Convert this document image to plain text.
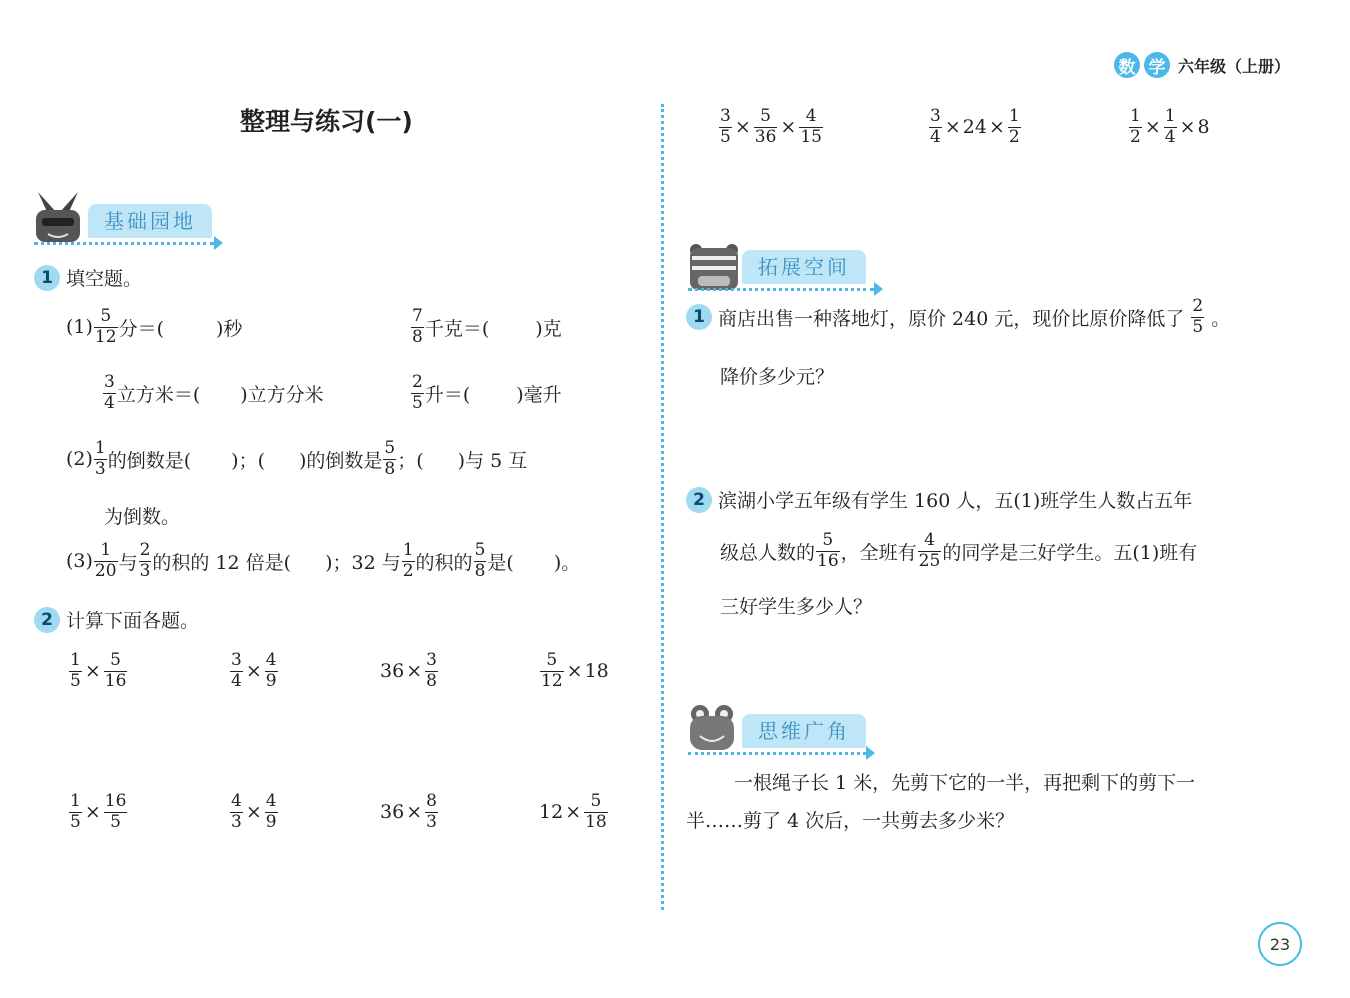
数 学 六年级（上册）
整理与练习(一)
基础园地
1 填空题。
$(1) \frac{5}{12}$ 分＝(	)秒	$\frac{7}{8}$ 千克＝( )克
$\frac{3}{4}$ 立方米＝( )立方分米	$\frac{2}{5}$ 升＝( )毫升
$(2) \frac{1}{3}$ 的倒数是( )；( )的倒数是 $\frac{5}{8}$ ；( )与 5 互
为倒数。
$(3) \frac{1}{20}$ 与 $\frac{2}{3}$ 的积的 12 倍是( )；32 与 $\frac{1}{2}$ 的积的 $\frac{5}{8}$ 是( )。
2 计算下面各题。
$\frac{1}{5} \times \frac{5}{16}$	$\frac{3}{4} \times \frac{4}{9}$	$36 \times \frac{3}{8}$	$\frac{5}{12} \times 18$
$\frac{1}{5} \times \frac{16}{5}$	$\frac{4}{3} \times \frac{4}{9}$	$36 \times \frac{8}{3}$	$12 \times \frac{5}{18}$
$\frac{3}{5} \times \frac{5}{36} \times \frac{4}{15}$	$\frac{3}{4} \times 24 \times \frac{1}{2}$	$\frac{1}{2} \times \frac{1}{4} \times 8$
拓展空间
1 商店出售一种落地灯，原价 240 元，现价比原价降低了 $\frac{2}{5}$ 。
降价多少元？
2 滨湖小学五年级有学生 160 人，五(1)班学生人数占五年
级总人数的 $\frac{5}{16}$ ，全班有 $\frac{4}{25}$ 的同学是三好学生。五(1)班有
三好学生多少人？
思维广角
一根绳子长 1 米，先剪下它的一半，再把剩下的剪下一
半……剪了 4 次后，一共剪去多少米？
23
